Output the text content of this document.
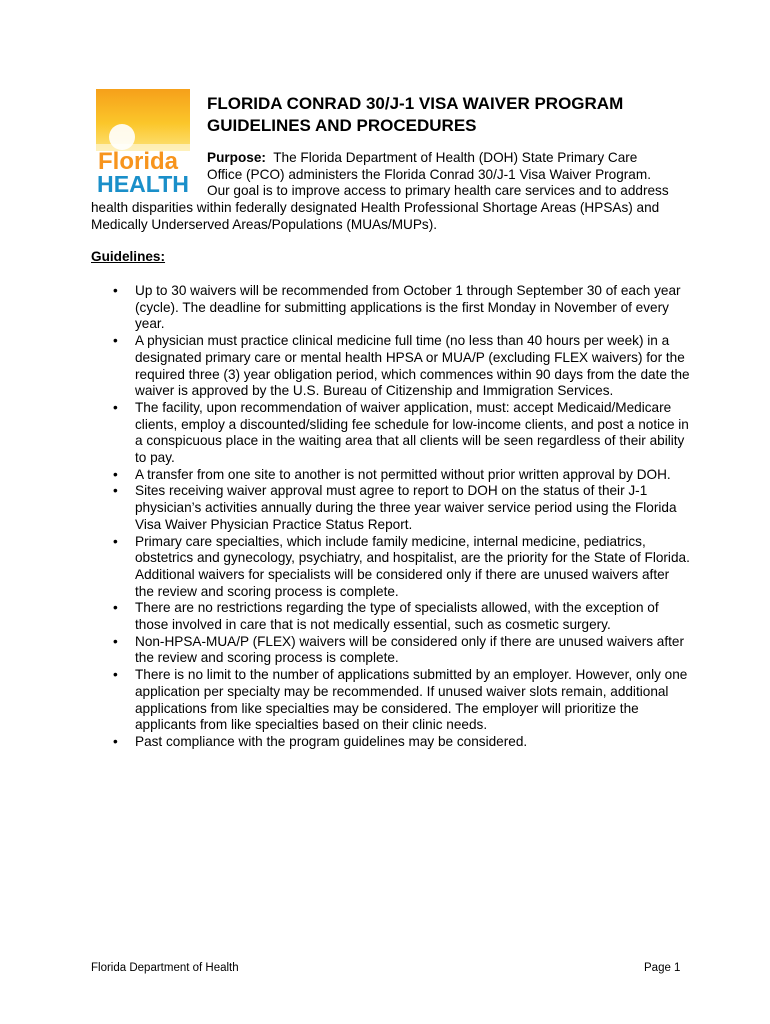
Florida
HEALTH
FLORIDA CONRAD 30/J-1 VISA WAIVER PROGRAM GUIDELINES AND PROCEDURES
Purpose: The Florida Department of Health (DOH) State Primary Care
Office (PCO) administers the Florida Conrad 30/J-1 Visa Waiver Program.
Our goal is to improve access to primary health care services and to address
health disparities within federally designated Health Professional Shortage Areas (HPSAs) and
Medically Underserved Areas/Populations (MUAs/MUPs).
Guidelines:
• Up to 30 waivers will be recommended from October 1 through September 30 of each year (cycle). The deadline for submitting applications is the first Monday in November of every year.
• A physician must practice clinical medicine full time (no less than 40 hours per week) in a designated primary care or mental health HPSA or MUA/P (excluding FLEX waivers) for the required three (3) year obligation period, which commences within 90 days from the date the waiver is approved by the U.S. Bureau of Citizenship and Immigration Services.
• The facility, upon recommendation of waiver application, must: accept Medicaid/Medicare clients, employ a discounted/sliding fee schedule for low-income clients, and post a notice in a conspicuous place in the waiting area that all clients will be seen regardless of their ability to pay.
• A transfer from one site to another is not permitted without prior written approval by DOH.
• Sites receiving waiver approval must agree to report to DOH on the status of their J-1 physician’s activities annually during the three year waiver service period using the Florida Visa Waiver Physician Practice Status Report.
• Primary care specialties, which include family medicine, internal medicine, pediatrics, obstetrics and gynecology, psychiatry, and hospitalist, are the priority for the State of Florida. Additional waivers for specialists will be considered only if there are unused waivers after the review and scoring process is complete.
• There are no restrictions regarding the type of specialists allowed, with the exception of those involved in care that is not medically essential, such as cosmetic surgery.
• Non-HPSA-MUA/P (FLEX) waivers will be considered only if there are unused waivers after the review and scoring process is complete.
• There is no limit to the number of applications submitted by an employer. However, only one application per specialty may be recommended. If unused waiver slots remain, additional applications from like specialties may be considered. The employer will prioritize the applicants from like specialties based on their clinic needs.
• Past compliance with the program guidelines may be considered.
Florida Department of Health	Page 1
